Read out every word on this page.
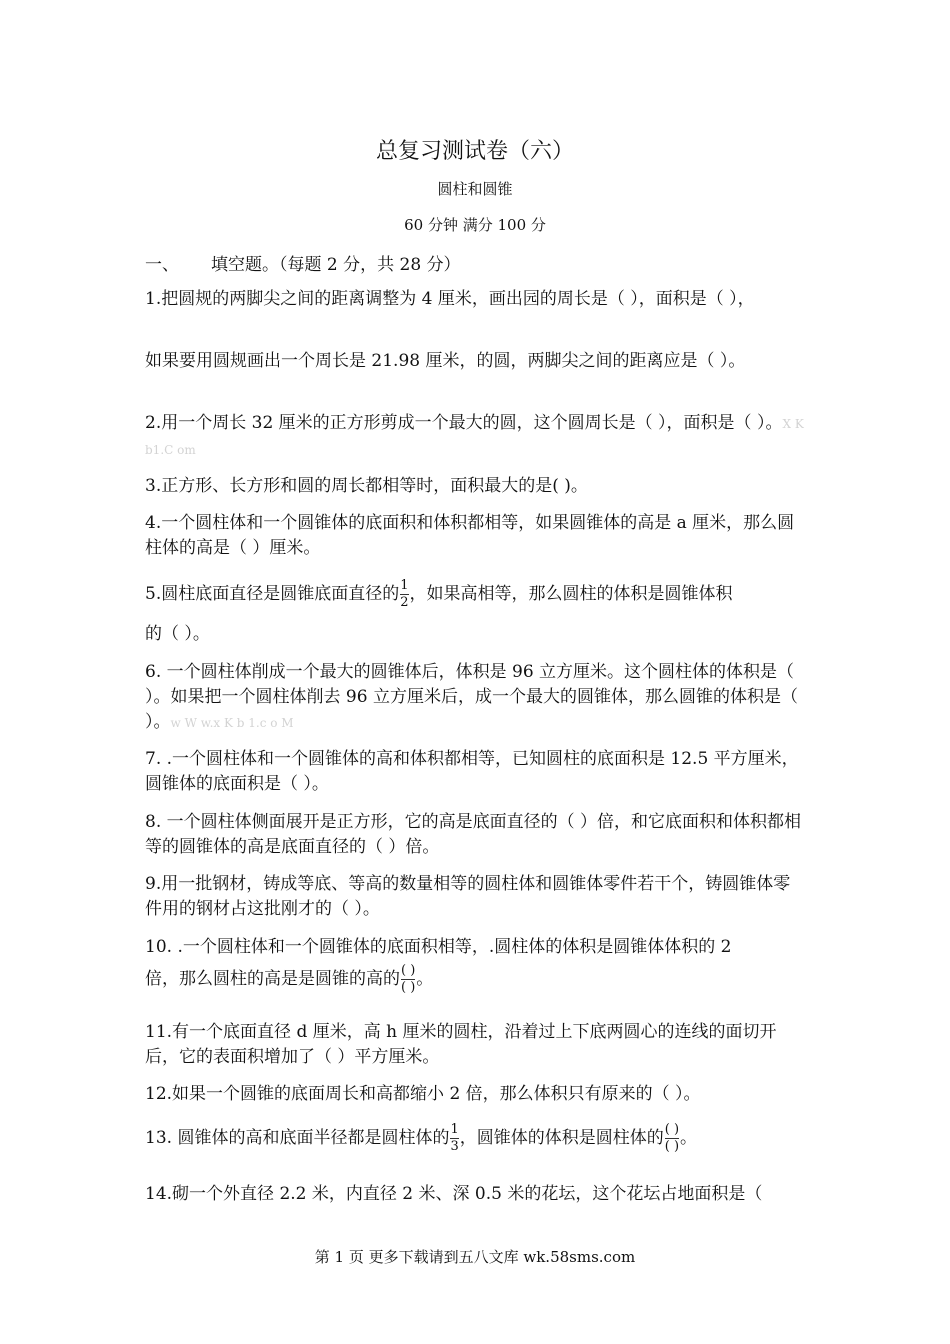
总复习测试卷（六）
圆柱和圆锥
60 分钟 满分 100 分
一、 填空题。（每题 2 分，共 28 分）
1.把圆规的两脚尖之间的距离调整为 4 厘米，画出园的周长是（ ），面积是（ ），
如果要用圆规画出一个周长是 21.98 厘米，的圆，两脚尖之间的距离应是（ ）。
2.用一个周长 32 厘米的正方形剪成一个最大的圆，这个圆周长是（ ），面积是（ ）。X K b1.C om
3.正方形、长方形和圆的周长都相等时，面积最大的是( )。
4.一个圆柱体和一个圆锥体的底面积和体积都相等，如果圆锥体的高是 a 厘米，那么圆柱体的高是（ ）厘米。
5.圆柱底面直径是圆锥底面直径的 $\frac{1}{2}$ ，如果高相等，那么圆柱的体积是圆锥体积
的（ ）。
6. 一个圆柱体削成一个最大的圆锥体后，体积是 96 立方厘米。这个圆柱体的体积是（ ）。如果把一个圆柱体削去 96 立方厘米后，成一个最大的圆锥体，那么圆锥的体积是（ ）。w W w.x K b 1.c o M
7. .一个圆柱体和一个圆锥体的高和体积都相等，已知圆柱的底面积是 12.5 平方厘米，圆锥体的底面积是（ ）。
8. 一个圆柱体侧面展开是正方形，它的高是底面直径的（ ）倍，和它底面积和体积都相等的圆锥体的高是底面直径的（ ）倍。
9.用一批钢材，铸成等底、等高的数量相等的圆柱体和圆锥体零件若干个，铸圆锥体零件用的钢材占这批刚才的（ ）。
10. .一个圆柱体和一个圆锥体的底面积相等，.圆柱体的体积是圆锥体体积的 2
倍，那么圆柱的高是是圆锥的高的 $\frac{( )}{( )}$ 。
11.有一个底面直径 d 厘米，高 h 厘米的圆柱，沿着过上下底两圆心的连线的面切开后，它的表面积增加了（ ）平方厘米。
12.如果一个圆锥的底面周长和高都缩小 2 倍，那么体积只有原来的（ ）。
13. 圆锥体的高和底面半径都是圆柱体的 $\frac{1}{3}$ ，圆锥体的体积是圆柱体的 $\frac{( )}{( )}$ 。
14.砌一个外直径 2.2 米，内直径 2 米、深 0.5 米的花坛，这个花坛占地面积是（
第 1 页 更多下载请到五八文库 wk.58sms.com
